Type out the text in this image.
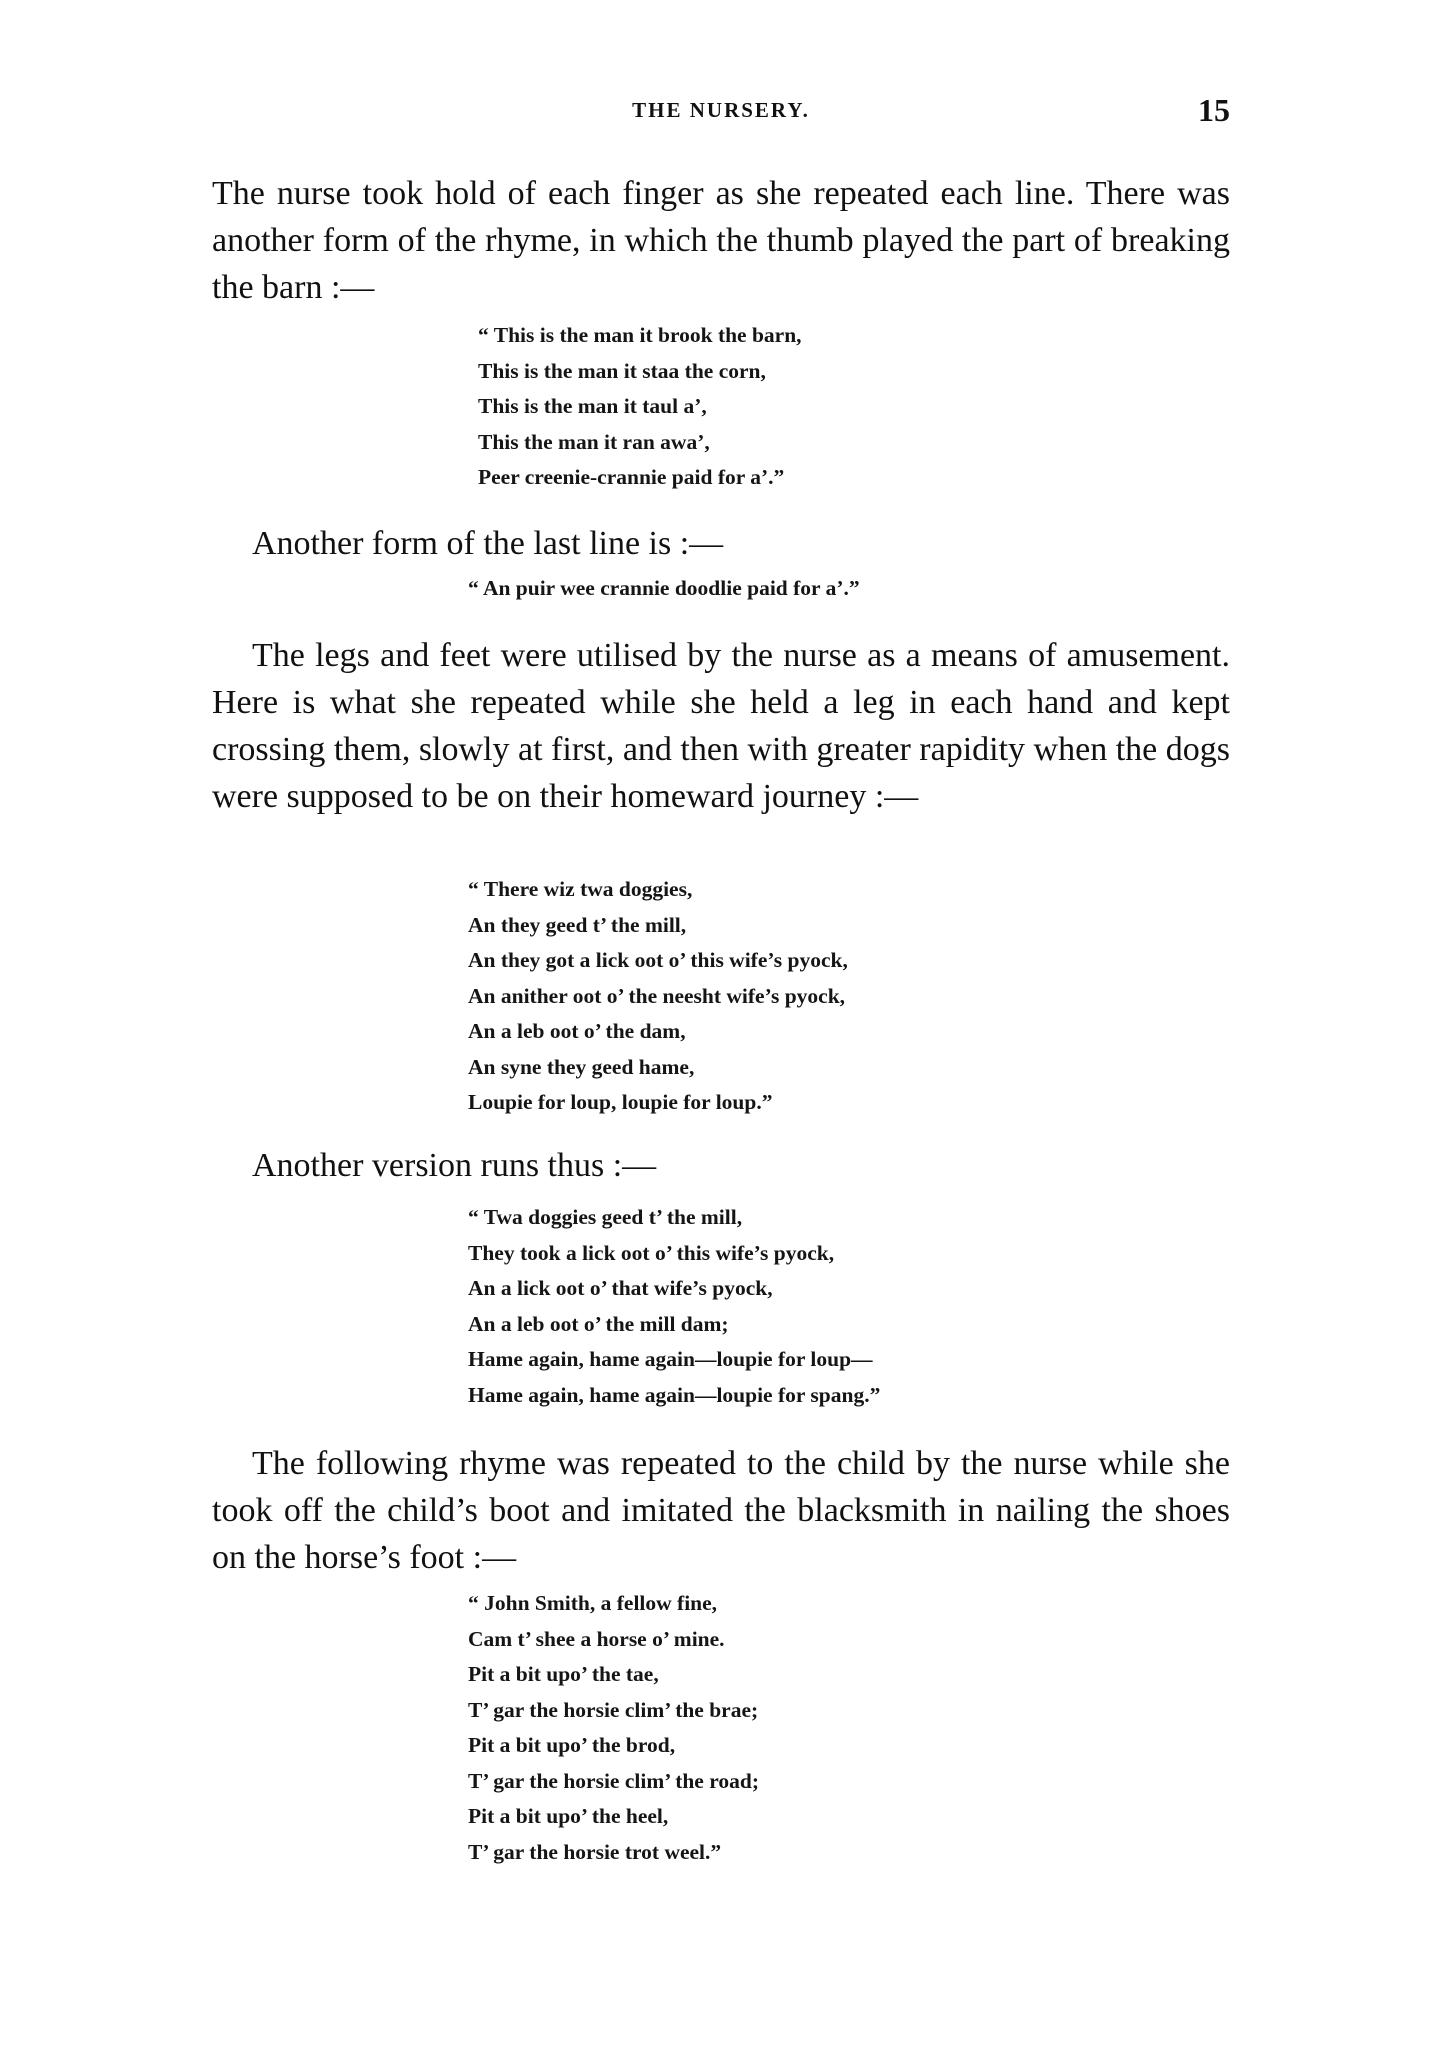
THE NURSERY.	15

The nurse took hold of each finger as she repeated each line. There was another form of the rhyme, in which the thumb played the part of breaking the barn :—

“ This is the man it brook the barn,
This is the man it staa the corn,
This is the man it taul a’,
This the man it ran awa’,
Peer creenie-crannie paid for a’.”

Another form of the last line is :—

“ An puir wee crannie doodlie paid for a’.”

The legs and feet were utilised by the nurse as a means of amusement. Here is what she repeated while she held a leg in each hand and kept crossing them, slowly at first, and then with greater rapidity when the dogs were supposed to be on their homeward journey :—

“ There wiz twa doggies,
An they geed t’ the mill,
An they got a lick oot o’ this wife’s pyock,
An anither oot o’ the neesht wife’s pyock,
An a leb oot o’ the dam,
An syne they geed hame,
Loupie for loup, loupie for loup.”

Another version runs thus :—

“ Twa doggies geed t’ the mill,
They took a lick oot o’ this wife’s pyock,
An a lick oot o’ that wife’s pyock,
An a leb oot o’ the mill dam;
Hame again, hame again—loupie for loup—
Hame again, hame again—loupie for spang.”

The following rhyme was repeated to the child by the nurse while she took off the child’s boot and imitated the blacksmith in nailing the shoes on the horse’s foot :—

“ John Smith, a fellow fine,
Cam t’ shee a horse o’ mine.
Pit a bit upo’ the tae,
T’ gar the horsie clim’ the brae;
Pit a bit upo’ the brod,
T’ gar the horsie clim’ the road;
Pit a bit upo’ the heel,
T’ gar the horsie trot weel.”
